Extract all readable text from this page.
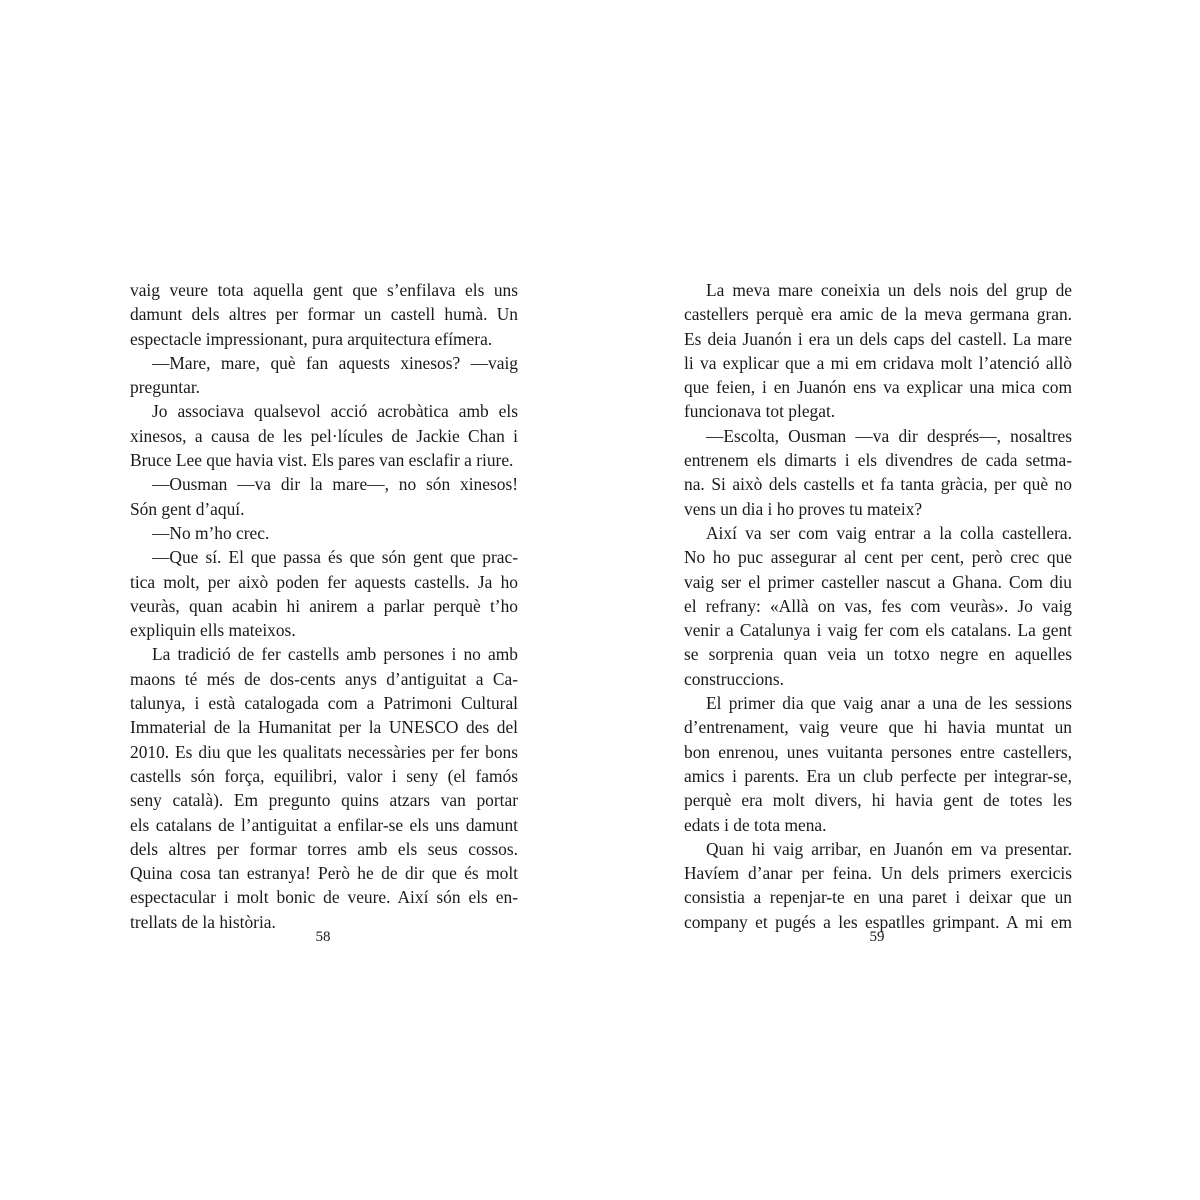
vaig veure tota aquella gent que s’enfilava els uns
damunt dels altres per formar un castell humà. Un
espectacle impressionant, pura arquitectura efímera.
—Mare, mare, què fan aquests xinesos? —vaig
preguntar.
Jo associava qualsevol acció acrobàtica amb els
xinesos, a causa de les pel·lícules de Jackie Chan i
Bruce Lee que havia vist. Els pares van esclafir a riure.
—Ousman —va dir la mare—, no són xinesos!
Són gent d’aquí.
—No m’ho crec.
—Que sí. El que passa és que són gent que prac-
tica molt, per això poden fer aquests castells. Ja ho
veuràs, quan acabin hi anirem a parlar perquè t’ho
expliquin ells mateixos.
La tradició de fer castells amb persones i no amb
maons té més de dos-cents anys d’antiguitat a Ca-
talunya, i està catalogada com a Patrimoni Cultural
Immaterial de la Humanitat per la UNESCO des del
2010. Es diu que les qualitats necessàries per fer bons
castells són força, equilibri, valor i seny (el famós
seny català). Em pregunto quins atzars van portar
els catalans de l’antiguitat a enfilar-se els uns damunt
dels altres per formar torres amb els seus cossos.
Quina cosa tan estranya! Però he de dir que és molt
espectacular i molt bonic de veure. Així són els en-
trellats de la història.
58
La meva mare coneixia un dels nois del grup de
castellers perquè era amic de la meva germana gran.
Es deia Juanón i era un dels caps del castell. La mare
li va explicar que a mi em cridava molt l’atenció allò
que feien, i en Juanón ens va explicar una mica com
funcionava tot plegat.
—Escolta, Ousman —va dir després—, nosaltres
entrenem els dimarts i els divendres de cada setma-
na. Si això dels castells et fa tanta gràcia, per què no
vens un dia i ho proves tu mateix?
Així va ser com vaig entrar a la colla castellera.
No ho puc assegurar al cent per cent, però crec que
vaig ser el primer casteller nascut a Ghana. Com diu
el refrany: «Allà on vas, fes com veuràs». Jo vaig
venir a Catalunya i vaig fer com els catalans. La gent
se sorprenia quan veia un totxo negre en aquelles
construccions.
El primer dia que vaig anar a una de les sessions
d’entrenament, vaig veure que hi havia muntat un
bon enrenou, unes vuitanta persones entre castellers,
amics i parents. Era un club perfecte per integrar-se,
perquè era molt divers, hi havia gent de totes les
edats i de tota mena.
Quan hi vaig arribar, en Juanón em va presentar.
Havíem d’anar per feina. Un dels primers exercicis
consistia a repenjar-te en una paret i deixar que un
company et pugés a les espatlles grimpant. A mi em
59
